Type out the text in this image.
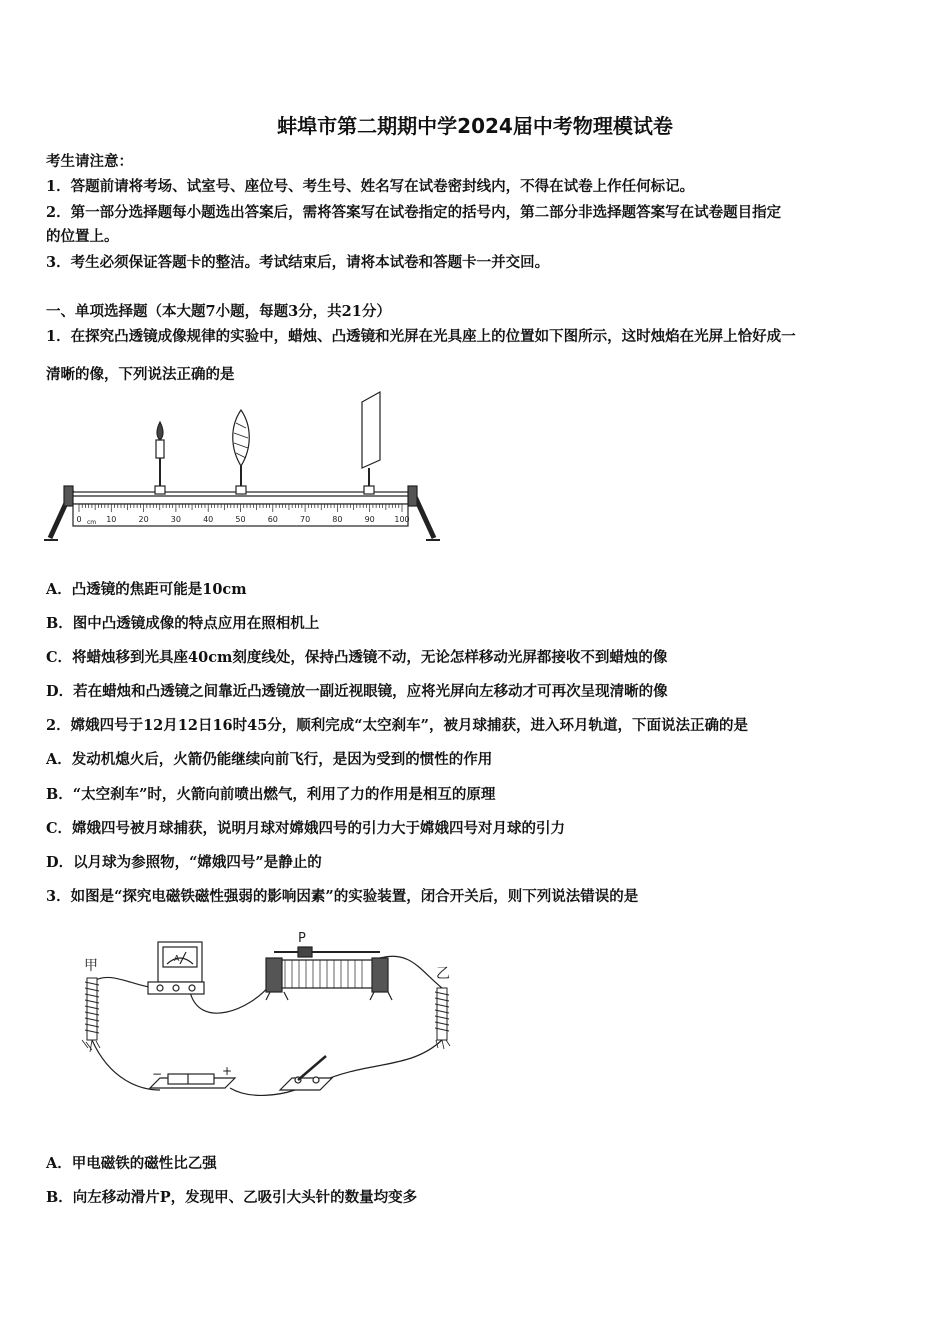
蚌埠市第二期期中学2024届中考物理模试卷
考生请注意：
1．答题前请将考场、试室号、座位号、考生号、姓名写在试卷密封线内，不得在试卷上作任何标记。
2．第一部分选择题每小题选出答案后，需将答案写在试卷指定的括号内，第二部分非选择题答案写在试卷题目指定
的位置上。
3．考生必须保证答题卡的整洁。考试结束后，请将本试卷和答题卡一并交回。
一、单项选择题（本大题7小题，每题3分，共21分）
1．在探究凸透镜成像规律的实验中，蜡烛、凸透镜和光屏在光具座上的位置如下图所示，这时烛焰在光屏上恰好成一
清晰的像，下列说法正确的是
0	10	20	30	40	50	60	70	80	90 100
cm
A．凸透镜的焦距可能是10cm
B．图中凸透镜成像的特点应用在照相机上
C．将蜡烛移到光具座40cm刻度线处，保持凸透镜不动，无论怎样移动光屏都接收不到蜡烛的像
D．若在蜡烛和凸透镜之间靠近凸透镜放一副近视眼镜，应将光屏向左移动才可再次呈现清晰的像
2．嫦娥四号于12月12日16时45分，顺利完成“太空刹车”，被月球捕获，进入环月轨道，下面说法正确的是
A．发动机熄火后，火箭仍能继续向前飞行，是因为受到的惯性的作用
B．“太空刹车”时，火箭向前喷出燃气，利用了力的作用是相互的原理
C．嫦娥四号被月球捕获，说明月球对嫦娥四号的引力大于嫦娥四号对月球的引力
D．以月球为参照物，“嫦娥四号”是静止的
3．如图是“探究电磁铁磁性强弱的影响因素”的实验装置，闭合开关后，则下列说法错误的是
甲	乙
A
P
−	+
A．甲电磁铁的磁性比乙强
B．向左移动滑片P，发现甲、乙吸引大头针的数量均变多
